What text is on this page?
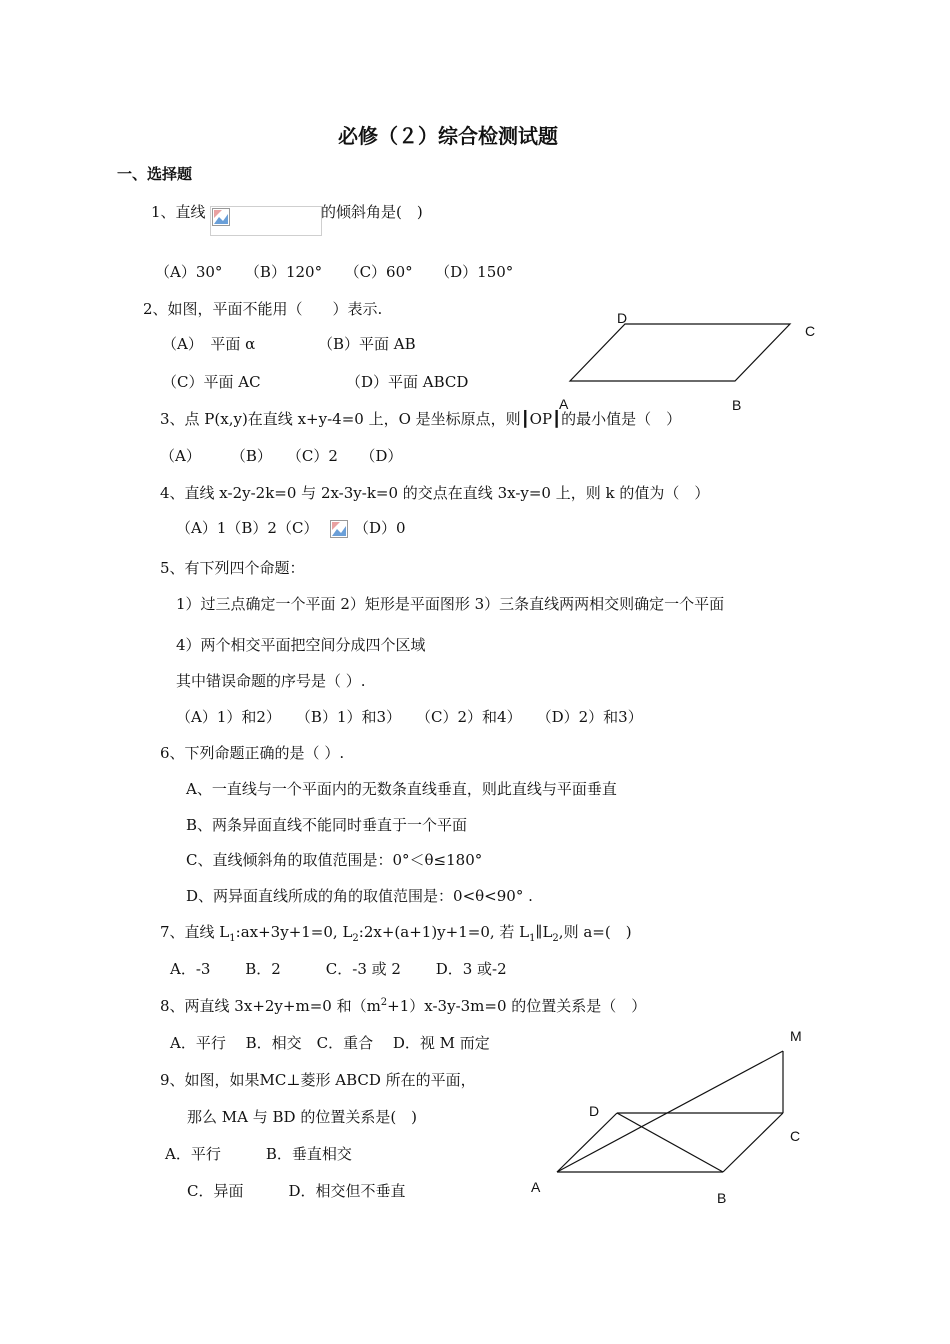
必修（２）综合检测试题
一、选择题
1、直线	的倾斜角是(　)
（A）30°　　（B）120°　　（C）60°　　（D）150°
2、如图，平面不能用（　　）表示.
（A）　平面 α	（B）平面 AB
（C）平面 AC	（D）平面 ABCD
D
C
A	B
3、点 P(x,y)在直线 x+y-4=0 上，O 是坐标原点，则┃OP┃的最小值是（　）
（A）　　　（B）　　（C）2　　（D）
4、直线 x-2y-2k=0 与 2x-3y-k=0 的交点在直线 3x-y=0 上，则 k 的值为（　）
（A）1（B）2（C） （D）0
5、有下列四个命题：
1）过三点确定一个平面 2）矩形是平面图形 3）三条直线两两相交则确定一个平面
4）两个相交平面把空间分成四个区域
其中错误命题的序号是（ ）.
（A）1）和2）　　（B）1）和3）　　（C）2）和4）　　（D）2）和3）
6、下列命题正确的是（ ）.
A、一直线与一个平面内的无数条直线垂直，则此直线与平面垂直
B、两条异面直线不能同时垂直于一个平面
C、直线倾斜角的取值范围是：0°＜θ≤180°
D、两异面直线所成的角的取值范围是：0<θ<90° .
7、直线 $L_1:ax+3y+1=0$, $L_2:2x+(a+1)y+1=0$, 若 $L_1\parallel L_2$,则 a=(　)
A．-3　　 B．2　　　C．-3 或 2　　 D．3 或-2
8、两直线 3x+2y+m=0 和$(m^2+1)x-3y-3m=0$ 的位置关系是（　）
A．平行　 B．相交　C．重合　 D．视 M 而定
9、如图，如果MC⊥菱形 ABCD 所在的平面，
那么 MA 与 BD 的位置关系是(　)
A．平行　　　B．垂直相交
C．异面　　　D．相交但不垂直
M
D
C
A
B
